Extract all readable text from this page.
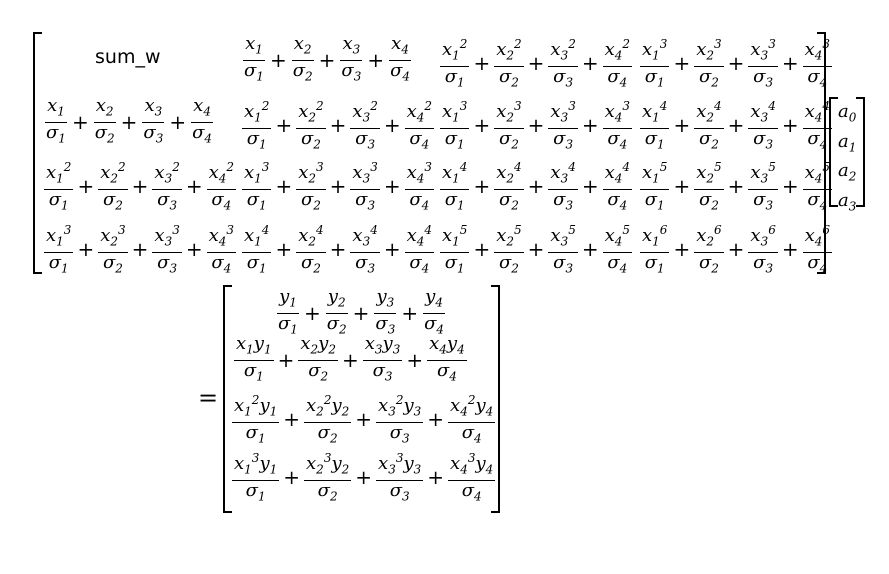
sum_w	$\frac{x_1}{\sigma_1} + \frac{x_2}{\sigma_2} + \frac{x_3}{\sigma_3} + \frac{x_4}{\sigma_4} \frac{x_1^2}{\sigma_1} + \frac{x_2^2}{\sigma_2} + \frac{x_3^2}{\sigma_3} + \frac{x_4^2}{\sigma_4} \frac{x_1^3}{\sigma_1} + \frac{x_2^3}{\sigma_2} + \frac{x_3^3}{\sigma_3} + \frac{x_4^3}{\sigma_4}$
$\frac{x_1}{\sigma_1} + \frac{x_2}{\sigma_2} + \frac{x_3}{\sigma_3} + \frac{x_4}{\sigma_4} \frac{x_1^2}{\sigma_1} + \frac{x_2^2}{\sigma_2} + \frac{x_3^2}{\sigma_3} + \frac{x_4^2}{\sigma_4} \frac{x_1^3}{\sigma_1} + \frac{x_2^3}{\sigma_2} + \frac{x_3^3}{\sigma_3} + \frac{x_4^3}{\sigma_4} \frac{x_1^4}{\sigma_1} + \frac{x_2^4}{\sigma_2} + \frac{x_3^4}{\sigma_3} + \frac{x_4^4}{\sigma_4}$
$\frac{x_1^2}{\sigma_1} + \frac{x_2^2}{\sigma_2} + \frac{x_3^2}{\sigma_3} + \frac{x_4^2}{\sigma_4} \frac{x_1^3}{\sigma_1} + \frac{x_2^3}{\sigma_2} + \frac{x_3^3}{\sigma_3} + \frac{x_4^3}{\sigma_4} \frac{x_1^4}{\sigma_1} + \frac{x_2^4}{\sigma_2} + \frac{x_3^4}{\sigma_3} + \frac{x_4^4}{\sigma_4} \frac{x_1^5}{\sigma_1} + \frac{x_2^5}{\sigma_2} + \frac{x_3^5}{\sigma_3} + \frac{x_4^5}{\sigma_4}$
$\frac{x_1^3}{\sigma_1} + \frac{x_2^3}{\sigma_2} + \frac{x_3^3}{\sigma_3} + \frac{x_4^3}{\sigma_4} \frac{x_1^4}{\sigma_1} + \frac{x_2^4}{\sigma_2} + \frac{x_3^4}{\sigma_3} + \frac{x_4^4}{\sigma_4} \frac{x_1^5}{\sigma_1} + \frac{x_2^5}{\sigma_2} + \frac{x_3^5}{\sigma_3} + \frac{x_4^5}{\sigma_4} \frac{x_1^6}{\sigma_1} + \frac{x_2^6}{\sigma_2} + \frac{x_3^6}{\sigma_3} + \frac{x_4^6}{\sigma_4}$
$a_0$
$a_1$
$a_2$
$a_3$
=
$\frac{y_1}{\sigma_1} + \frac{y_2}{\sigma_2} + \frac{y_3}{\sigma_3} + \frac{y_4}{\sigma_4}$
$\frac{x_1y_1}{\sigma_1} + \frac{x_2y_2}{\sigma_2} + \frac{x_3y_3}{\sigma_3} + \frac{x_4y_4}{\sigma_4}$
$\frac{x_1^2y_1}{\sigma_1} + \frac{x_2^2y_2}{\sigma_2} + \frac{x_3^2y_3}{\sigma_3} + \frac{x_4^2y_4}{\sigma_4}$
$\frac{x_1^3y_1}{\sigma_1} + \frac{x_2^3y_2}{\sigma_2} + \frac{x_3^3y_3}{\sigma_3} + \frac{x_4^3y_4}{\sigma_4}$
